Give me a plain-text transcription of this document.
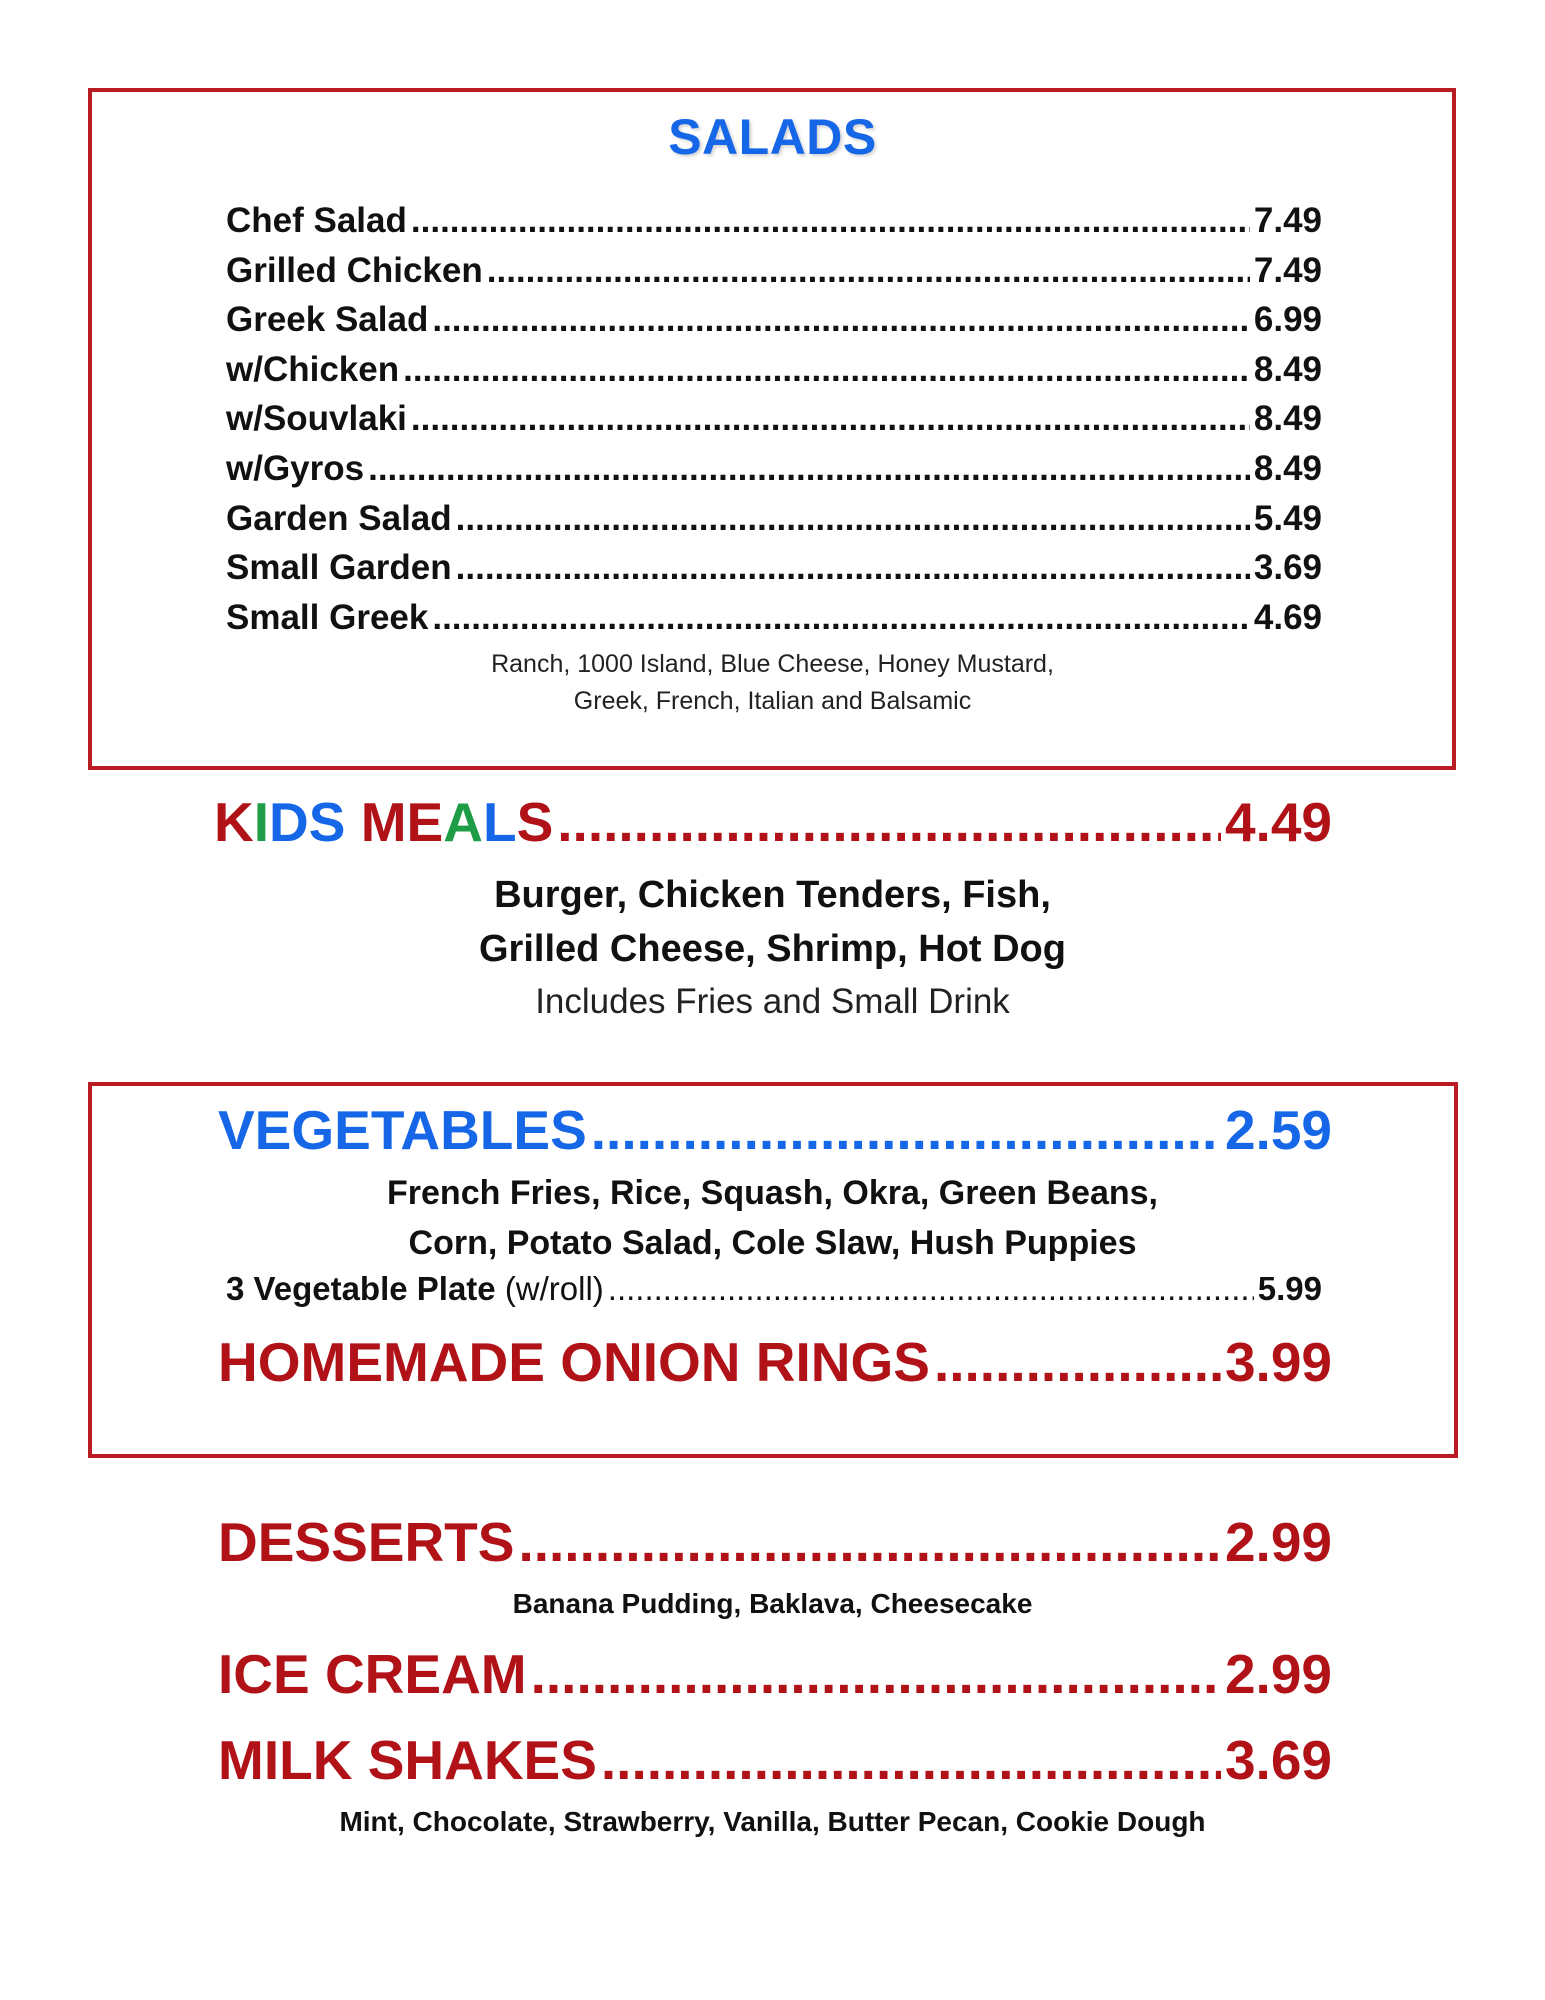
SALADS
Chef Salad .....	7.49
Grilled Chicken .....	7.49
Greek Salad .....	6.99
w/Chicken .....	8.49
w/Souvlaki .....	8.49
w/Gyros .....	8.49
Garden Salad .....	5.49
Small Garden .....	3.69
Small Greek .....	4.69
Ranch, 1000 Island, Blue Cheese, Honey Mustard,
Greek, French, Italian and Balsamic
KIDS MEALS .....	4.49
Burger, Chicken Tenders, Fish,
Grilled Cheese, Shrimp, Hot Dog
Includes Fries and Small Drink
VEGETABLES .....	2.59
French Fries, Rice, Squash, Okra, Green Beans,
Corn, Potato Salad, Cole Slaw, Hush Puppies
3 Vegetable Plate (w/roll) .....	5.99
HOMEMADE ONION RINGS .....	3.99
DESSERTS .....	2.99
Banana Pudding, Baklava, Cheesecake
ICE CREAM .....	2.99
MILK SHAKES .....	3.69
Mint, Chocolate, Strawberry, Vanilla, Butter Pecan, Cookie Dough
